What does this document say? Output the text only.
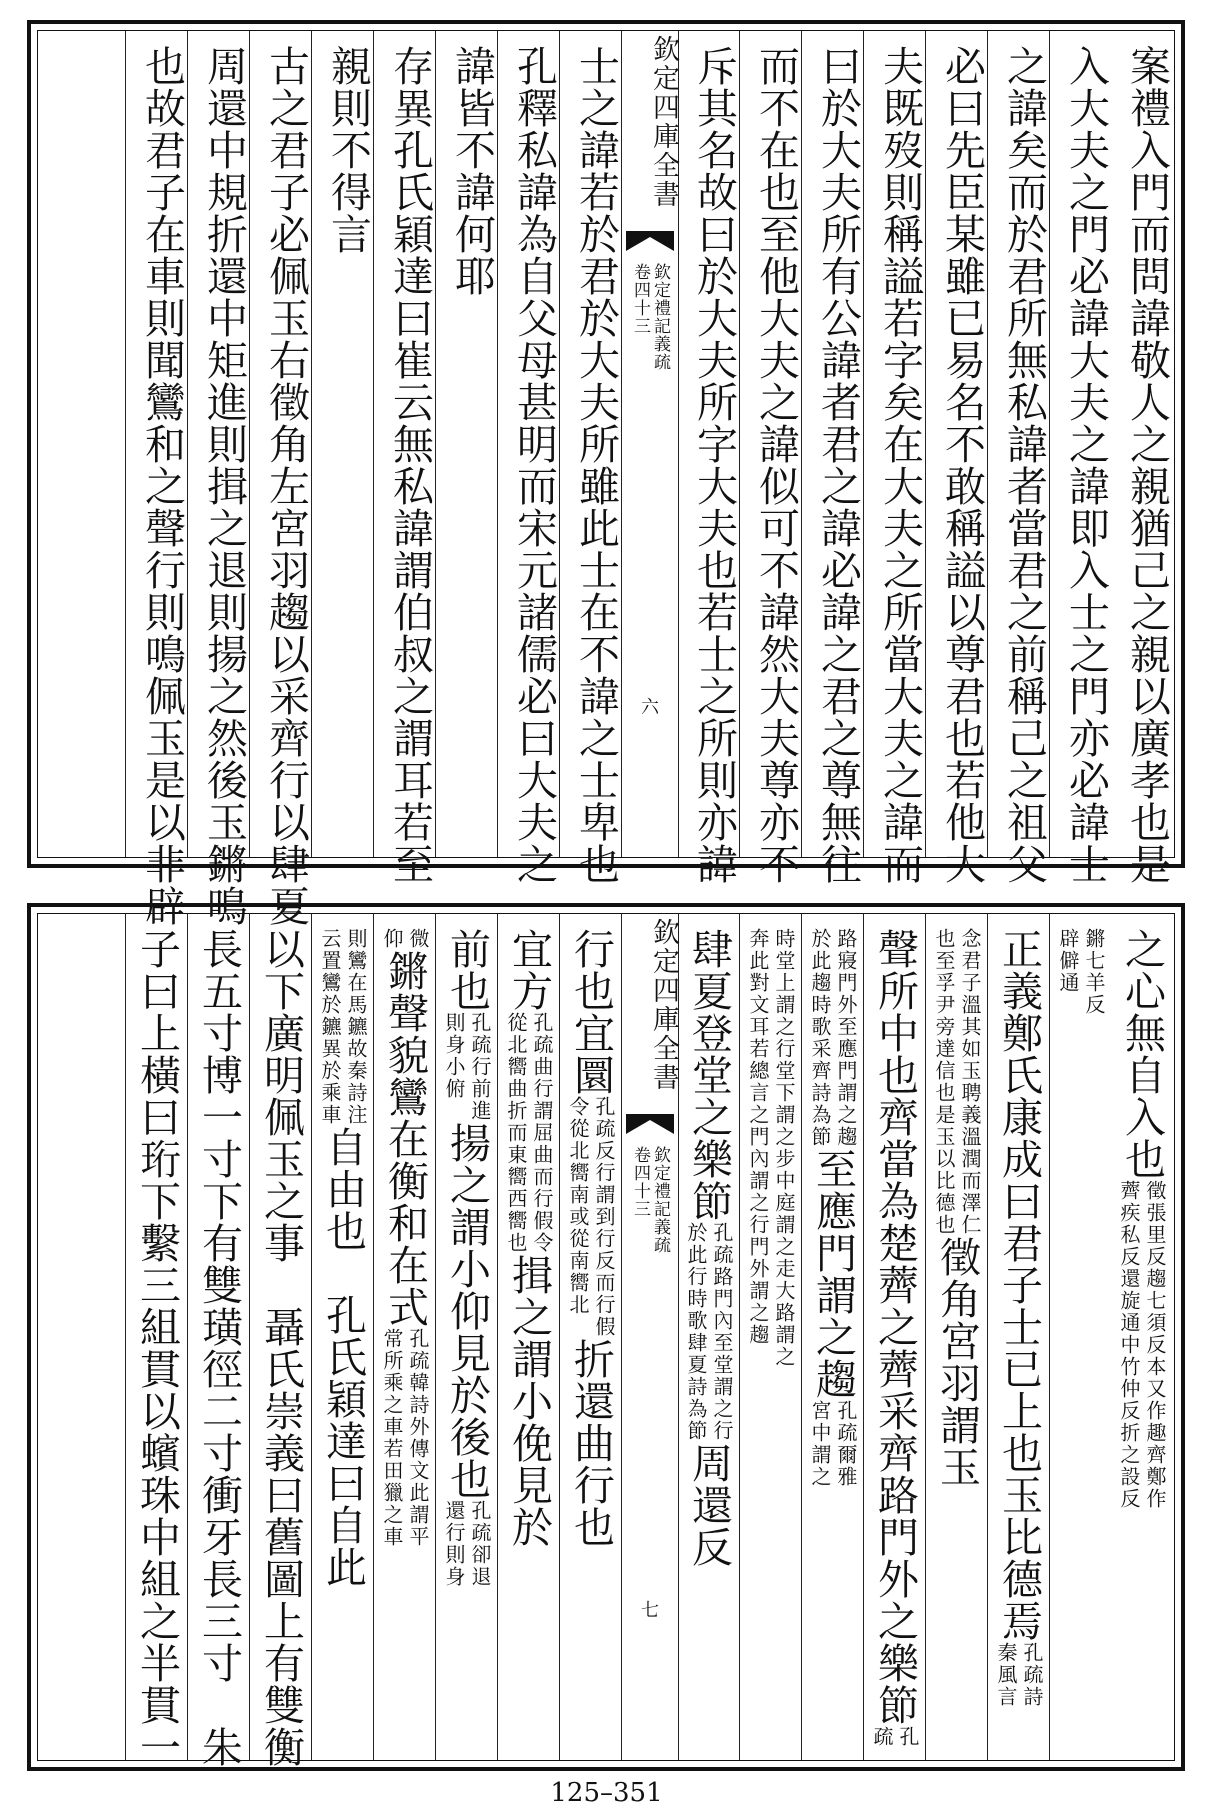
案禮入門而問諱敬人之親猶己之親以廣孝也是
入大夫之門必諱大夫之諱即入士之門亦必諱士
之諱矣而於君所無私諱者當君之前稱己之祖父
必曰先臣某雖已易名不敢稱謚以尊君也若他大
夫既歿則稱謚若字矣在大夫之所當大夫之諱而
曰於大夫所有公諱者君之諱必諱之君之尊無往
而不在也至他大夫之諱似可不諱然大夫尊亦不
斥其名故曰於大夫所字大夫也若士之所則亦諱
欽定四庫全書
欽定禮記義疏
卷四十三
六
士之諱若於君於大夫所雖此士在不諱之士卑也
孔釋私諱為自父母甚明而宋元諸儒必曰大夫之
諱皆不諱何耶
存異孔氏穎達曰崔云無私諱謂伯叔之謂耳若至
親則不得言
古之君子必佩玉右徵角左宮羽趨以采齊行以肆夏
周還中規折還中矩進則揖之退則揚之然後玉鏘鳴
也故君子在車則聞鸞和之聲行則鳴佩玉是以非辟
之心無自入也
徵張里反趨七須反本又作趣齊鄭作
薺疾私反還旋通中竹仲反折之設反
鏘七羊反
辟僻通
正義鄭氏康成曰君子士已上也玉比德焉
孔疏詩
秦風言
念君子溫其如玉聘義溫潤而澤仁
也至孚尹旁達信也是玉以比德也
徵角宮羽謂玉
聲所中也齊當為楚薺之薺采齊路門外之樂節
孔
疏
路寢門外至應門謂之趨
於此趨時歌采齊詩為節
至應門謂之趨
孔疏爾雅
宮中謂之
時堂上謂之行堂下謂之步中庭謂之走大路謂之
奔此對文耳若總言之門內謂之行門外謂之趨
肆夏登堂之樂節
孔疏路門內至堂謂之行
於此行時歌肆夏詩為節
周還反
欽定四庫全書
欽定禮記義疏
卷四十三
七
行也宜圜
孔疏反行謂到行反而行假
令從北嚮南或從南嚮北
折還曲行也
宜方
孔疏曲行謂屈曲而行假令
從北嚮曲折而東嚮西嚮也
揖之謂小俛見於
前也
孔疏行前進
則身小俯
揚之謂小仰見於後也
孔疏卻退
還行則身
微
仰
鏘聲貌鸞在衡和在式
孔疏韓詩外傳文此謂平
常所乘之車若田獵之車
則鸞在馬鑣故秦詩注
云置鸞於鑣異於乘車
自由也　孔氏穎達曰自此
以下廣明佩玉之事　聶氏崇義曰舊圖上有雙衡
長五寸博一寸下有雙璜徑二寸衝牙長三寸　朱
子曰上橫曰珩下繫三組貫以蠙珠中組之半貫一
125–351
